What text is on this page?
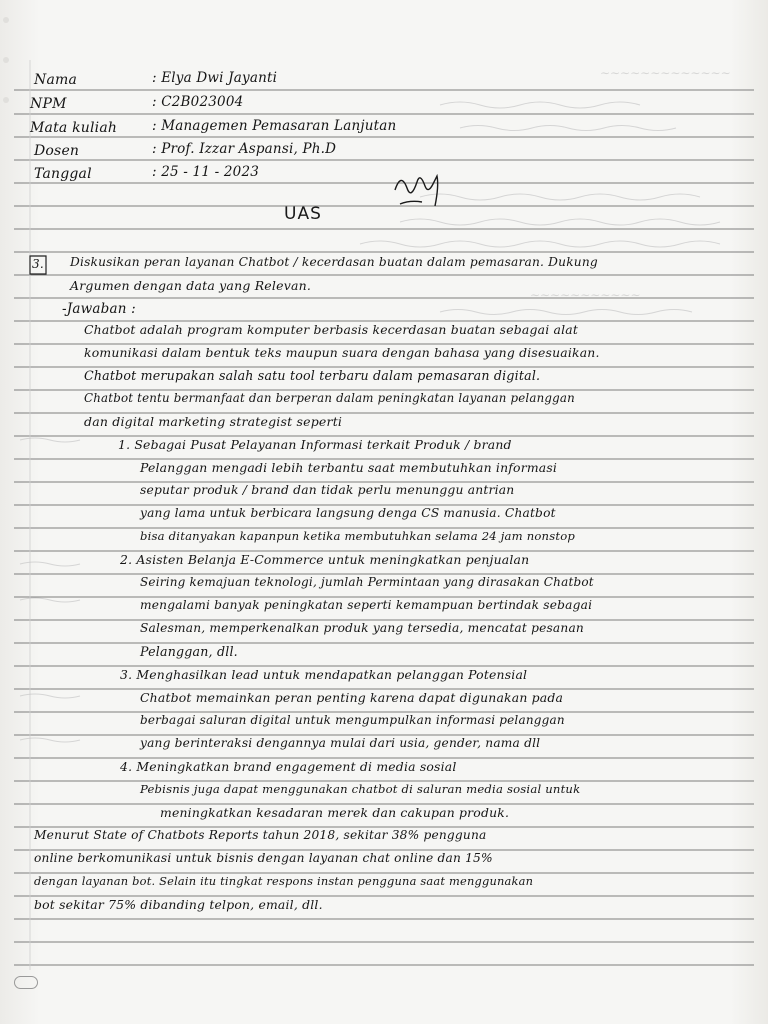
~~~~~~~~~~~~~
~~~~~~~~~~~
Nama	: Elya Dwi Jayanti
NPM	: C2B023004
Mata kuliah	: Managemen Pemasaran Lanjutan
Dosen	: Prof. Izzar Aspansi, Ph.D
Tanggal	: 25 - 11 - 2023
UAS
3. Diskusikan peran layanan Chatbot / kecerdasan buatan dalam pemasaran. Dukung
Argumen dengan data yang Relevan.
-Jawaban :
Chatbot adalah program komputer berbasis kecerdasan buatan sebagai alat
komunikasi dalam bentuk teks maupun suara dengan bahasa yang disesuaikan.
Chatbot merupakan salah satu tool terbaru dalam pemasaran digital.
Chatbot tentu bermanfaat dan berperan dalam peningkatan layanan pelanggan
dan digital marketing strategist seperti
1. Sebagai Pusat Pelayanan Informasi terkait Produk / brand
Pelanggan mengadi lebih terbantu saat membutuhkan informasi
seputar produk / brand dan tidak perlu menunggu antrian
yang lama untuk berbicara langsung denga CS manusia. Chatbot
bisa ditanyakan kapanpun ketika membutuhkan selama 24 jam nonstop
2. Asisten Belanja E-Commerce untuk meningkatkan penjualan
Seiring kemajuan teknologi, jumlah Permintaan yang dirasakan Chatbot
mengalami banyak peningkatan seperti kemampuan bertindak sebagai
Salesman, memperkenalkan produk yang tersedia, mencatat pesanan
Pelanggan, dll.
3. Menghasilkan lead untuk mendapatkan pelanggan Potensial
Chatbot memainkan peran penting karena dapat digunakan pada
berbagai saluran digital untuk mengumpulkan informasi pelanggan
yang berinteraksi dengannya mulai dari usia, gender, nama dll
4. Meningkatkan brand engagement di media sosial
Pebisnis juga dapat menggunakan chatbot di saluran media sosial untuk
meningkatkan kesadaran merek dan cakupan produk.
Menurut State of Chatbots Reports tahun 2018, sekitar 38% pengguna
online berkomunikasi untuk bisnis dengan layanan chat online dan 15%
dengan layanan bot. Selain itu tingkat respons instan pengguna saat menggunakan
bot sekitar 75% dibanding telpon, email, dll.
